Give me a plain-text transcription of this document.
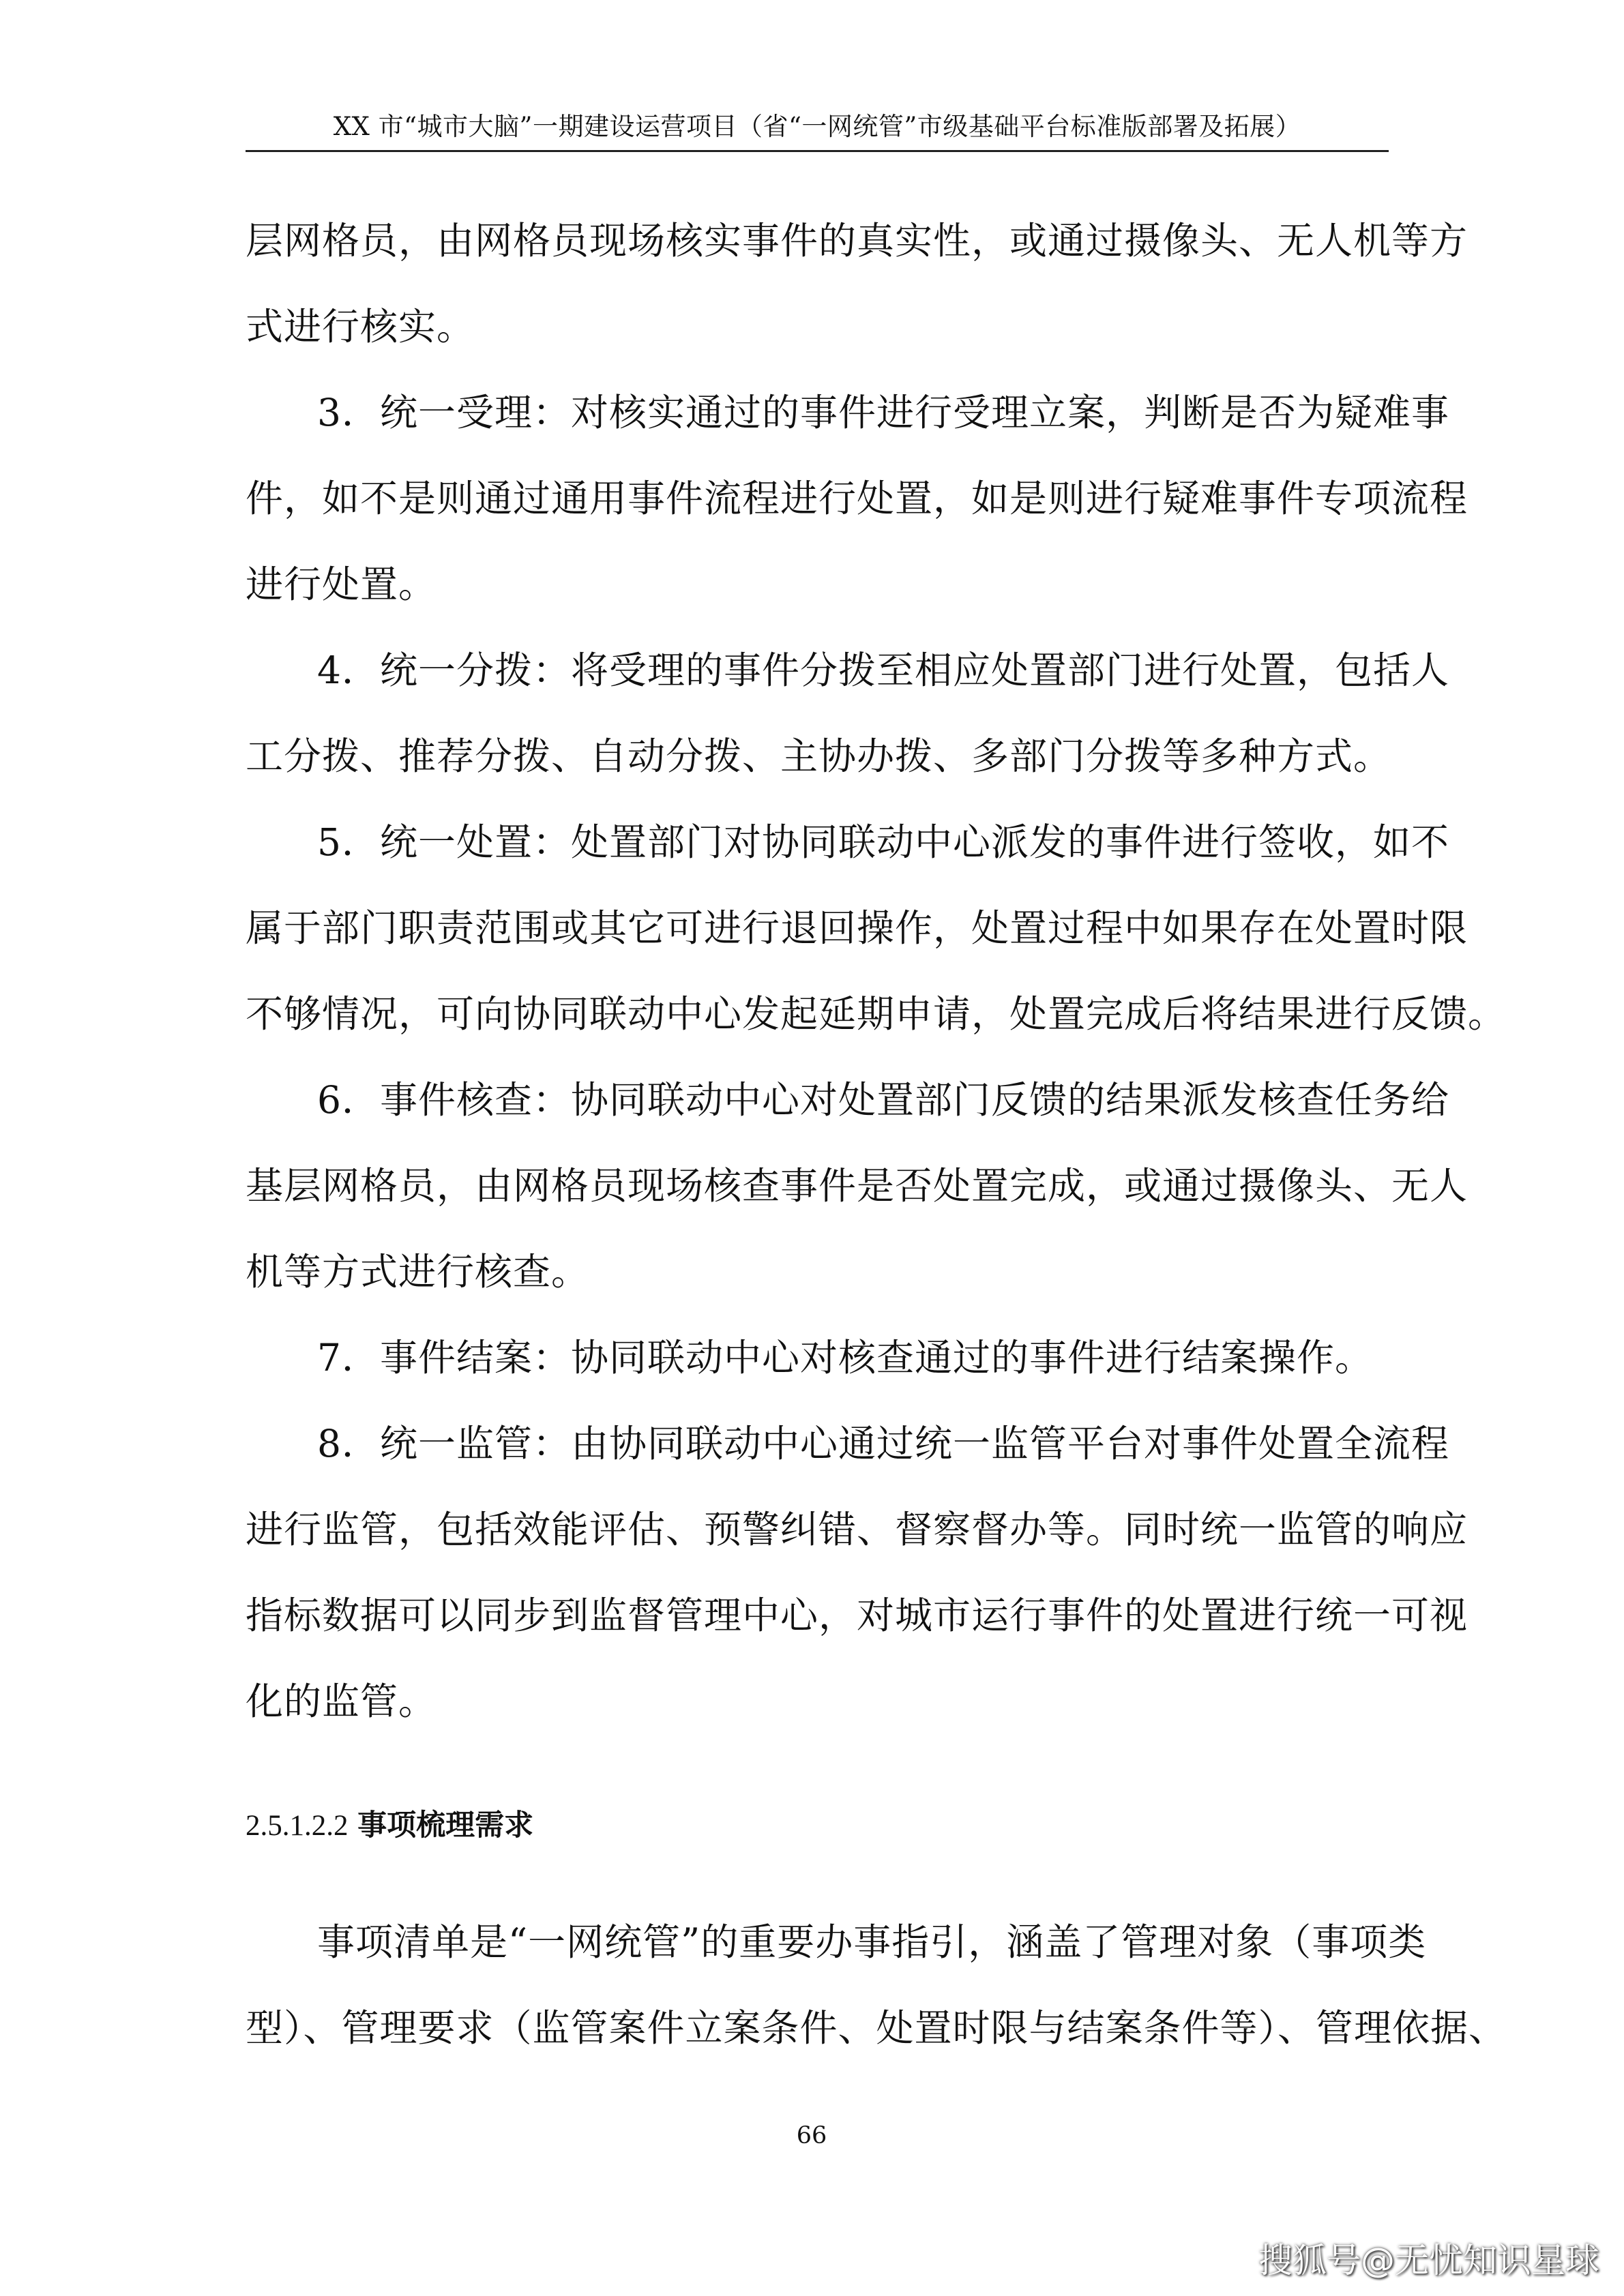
XX 市“城市大脑”一期建设运营项目（省“一网统管”市级基础平台标准版部署及拓展）
层网格员，由网格员现场核实事件的真实性，或通过摄像头、无人机等方
式进行核实。
3．统一受理：对核实通过的事件进行受理立案，判断是否为疑难事
件，如不是则通过通用事件流程进行处置，如是则进行疑难事件专项流程
进行处置。
4．统一分拨：将受理的事件分拨至相应处置部门进行处置，包括人
工分拨、推荐分拨、自动分拨、主协办拨、多部门分拨等多种方式。
5．统一处置：处置部门对协同联动中心派发的事件进行签收，如不
属于部门职责范围或其它可进行退回操作，处置过程中如果存在处置时限
不够情况，可向协同联动中心发起延期申请，处置完成后将结果进行反馈。
6．事件核查：协同联动中心对处置部门反馈的结果派发核查任务给
基层网格员，由网格员现场核查事件是否处置完成，或通过摄像头、无人
机等方式进行核查。
7．事件结案：协同联动中心对核查通过的事件进行结案操作。
8．统一监管：由协同联动中心通过统一监管平台对事件处置全流程
进行监管，包括效能评估、预警纠错、督察督办等。同时统一监管的响应
指标数据可以同步到监督管理中心，对城市运行事件的处置进行统一可视
化的监管。
2.5.1.2.2 事项梳理需求
事项清单是“一网统管”的重要办事指引，涵盖了管理对象（事项类
型）、管理要求（监管案件立案条件、处置时限与结案条件等）、管理依据、
66
搜狐号@无忧知识星球
